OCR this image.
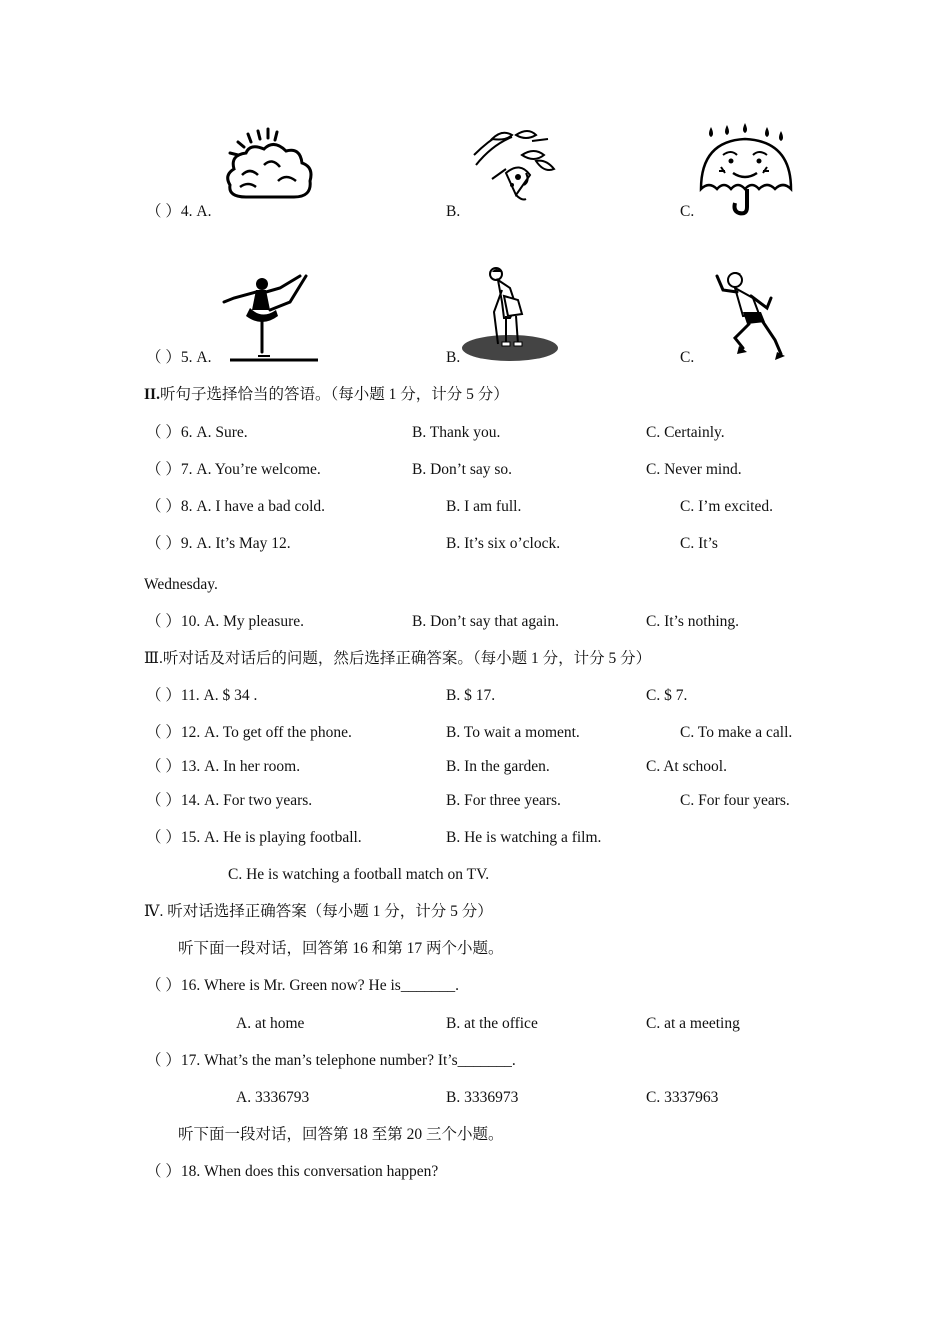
（ ）4. A.	B.	C.
（ ）5. A.	B.	C.
II.听句子选择恰当的答语。（每小题 1 分，计分 5 分）
（ ）6. A. Sure.	B. Thank you.	C. Certainly.
（ ）7. A. You’re welcome.	B. Don’t say so.	C. Never mind.
（ ）8. A. I have a bad cold.	B. I am full.	C. I’m excited.
（ ）9. A. It’s May 12.	B. It’s six o’clock.	C. It’s
Wednesday.
（ ）10. A. My pleasure.	B. Don’t say that again.	C. It’s nothing.
Ⅲ.听对话及对话后的问题，然后选择正确答案。（每小题 1 分，计分 5 分）
（ ）11. A. $ 34 .	B. $ 17.	C. $ 7.
（ ）12. A. To get off the phone.	B. To wait a moment.	C. To make a call.
（ ）13. A. In her room.	B. In the garden.	C. At school.
（ ）14. A. For two years.	B. For three years.	C. For four years.
（ ）15. A. He is playing football.	B. He is watching a film.
C. He is watching a football match on TV.
Ⅳ. 听对话选择正确答案（每小题 1 分，计分 5 分）
听下面一段对话，回答第 16 和第 17 两个小题。
（ ）16. Where is Mr. Green now? He is_______.
A. at home	B. at the office	C. at a meeting
（ ）17. What’s the man’s telephone number? It’s_______.
A. 3336793	B. 3336973	C. 3337963
听下面一段对话，回答第 18 至第 20 三个小题。
（ ）18. When does this conversation happen?
